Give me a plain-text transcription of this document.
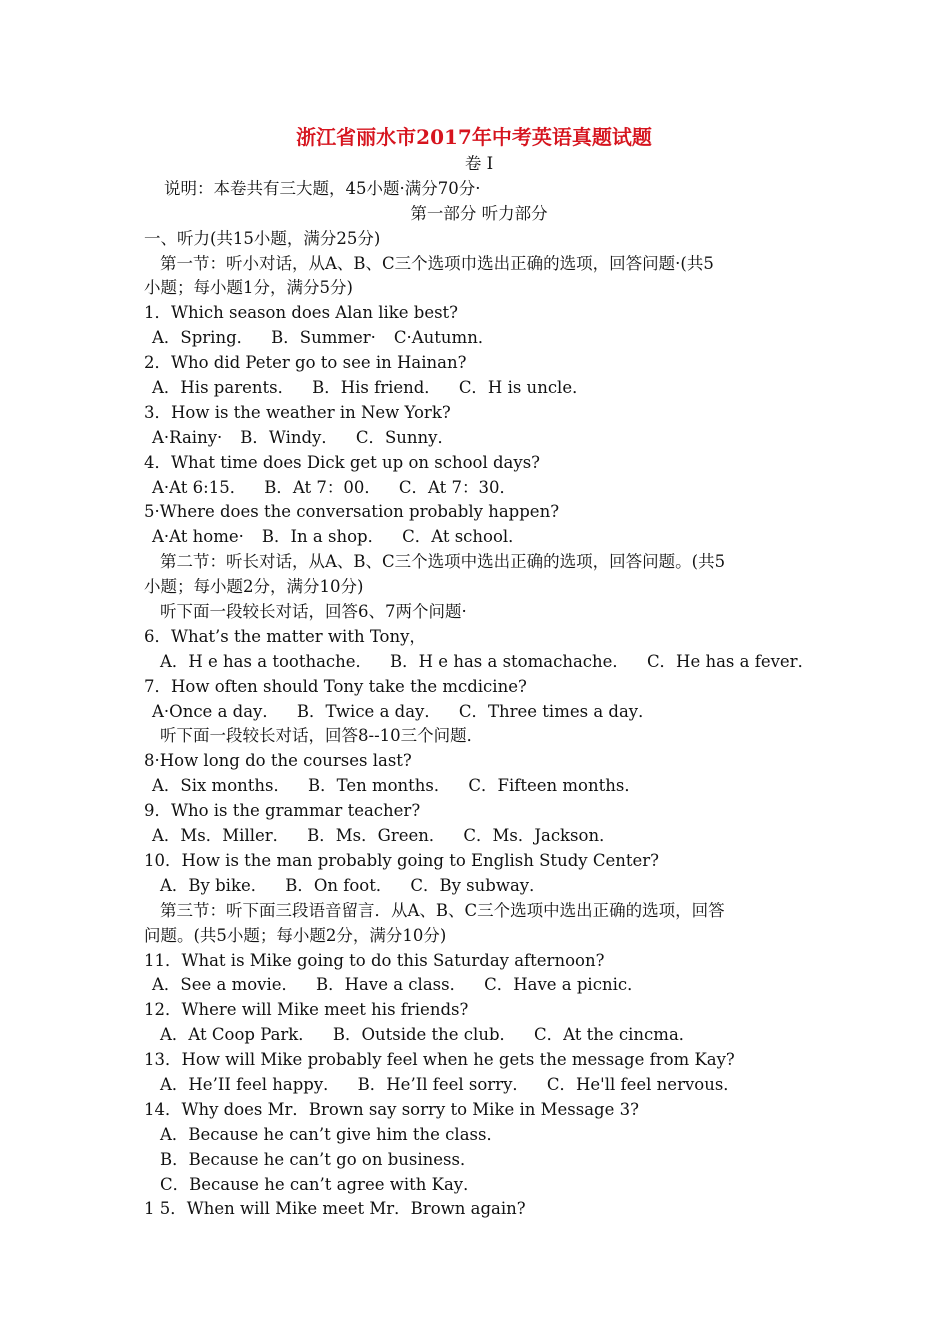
浙江省丽水市2017年中考英语真题试题
卷 I
说明：本卷共有三大题，45小题·满分70分·
第一部分 听力部分
一、听力(共15小题，满分25分)
第一节：听小对话，从A、B、C三个选项巾选出正确的选项，回答问题·(共5
小题；每小题1分，满分5分)
1．Which season does Alan like best?
A．Spring． B．Summer· C·Autumn．
2．Who did Peter go to see in Hainan?
A．His parents． B．His friend． C．H is uncle．
3．How is the weather in New York?
A·Rainy· B．Windy． C．Sunny．
4．What time does Dick get up on school days?
A·At 6:15． B．At 7：00． C．At 7：30．
5·Where does the conversation probably happen?
A·At home· B．In a shop． C．At school．
第二节：听长对话，从A、B、C三个选项中选出正确的选项，回答问题。(共5
小题；每小题2分，满分10分)
听下面一段较长对话，回答6、7两个问题·
6．What’s the matter with Tony，
A．H e has a toothache． B．H e has a stomachache． C．He has a fever．
7．How often should Tony take the mcdicine?
A·Once a day． B．Twice a day． C．Three times a day．
听下面一段较长对话，回答8--10三个问题．
8·How long do the courses last?
A．Six months． B．Ten months． C．Fifteen months．
9．Who is the grammar teacher?
A．Ms．Miller． B．Ms．Green． C．Ms．Jackson．
10．How is the man probably going to English Study Center?
A．By bike． B．On foot． C．By subway．
第三节：听下面三段语音留言．从A、B、C三个选项中选出正确的选项，回答
问题。(共5小题；每小题2分，满分10分)
11．What is Mike going to do this Saturday afternoon?
A．See a movie． B．Have a class． C．Have a picnic．
12．Where will Mike meet his friends?
A．At Coop Park． B．Outside the club． C．At the cincma．
13．How will Mike probably feel when he gets the message from Kay?
A．He’II feel happy． B．He’Il feel sorry． C．He'll feel nervous．
14．Why does Mr．Brown say sorry to Mike in Message 3?
A．Because he can’t give him the class．
B．Because he can’t go on business．
C．Because he can’t agree with Kay．
1 5．When will Mike meet Mr．Brown again?
